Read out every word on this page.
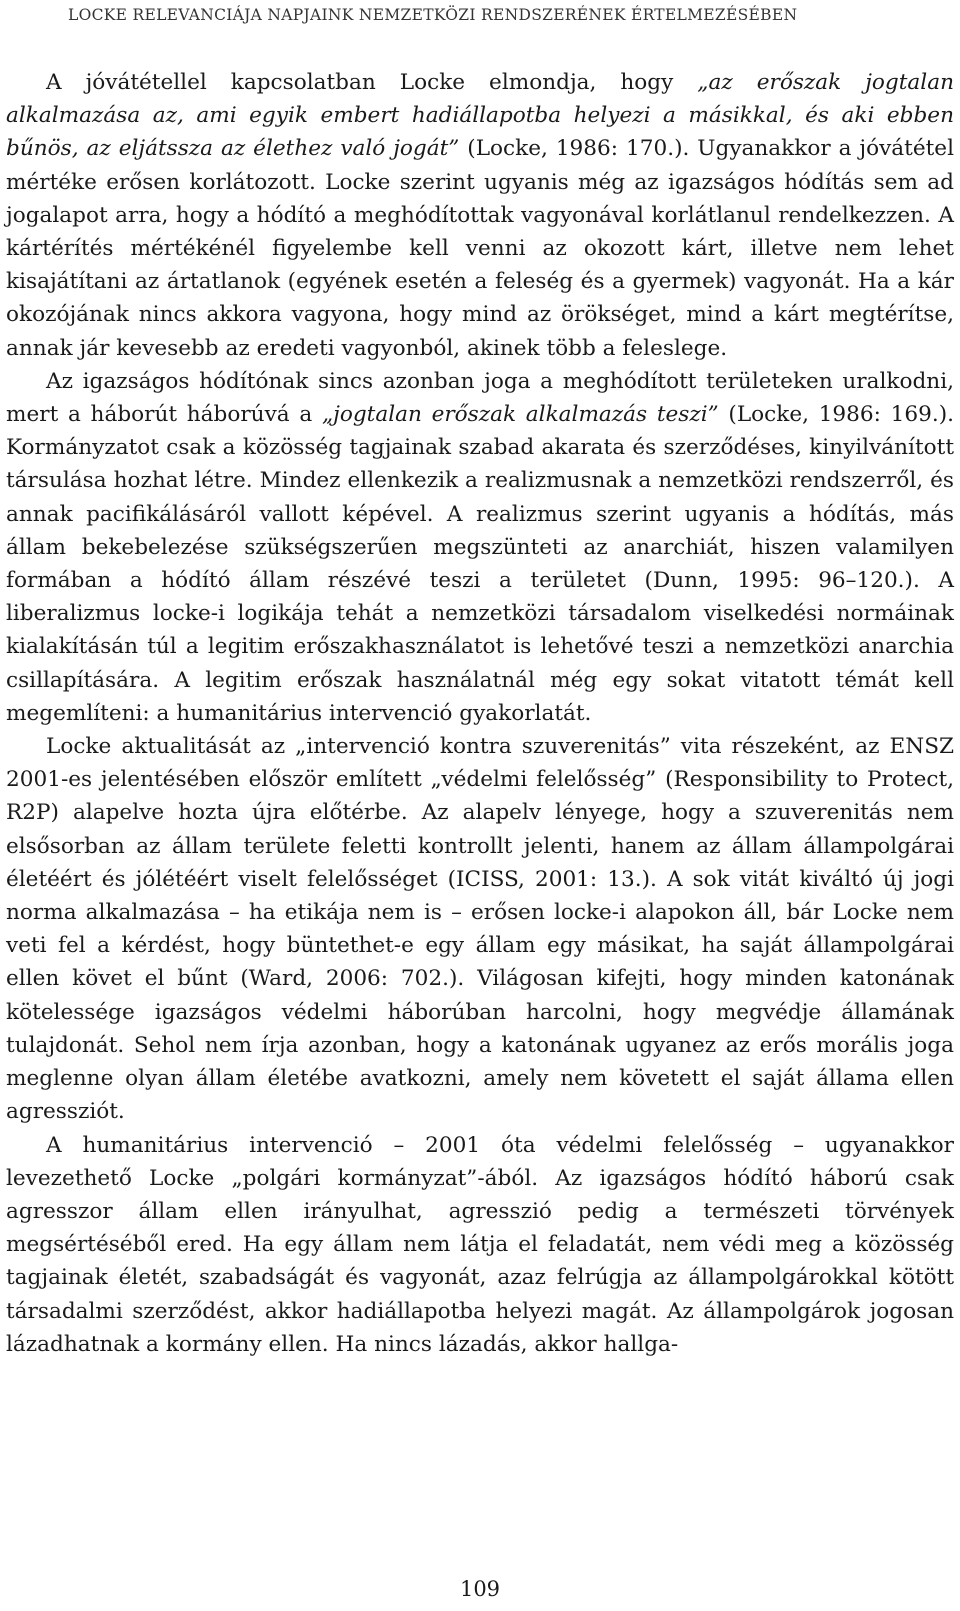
LOCKE RELEVANCIÁJA NAPJAINK NEMZETKÖZI RENDSZERÉNEK ÉRTELMEZÉSÉBEN

A jóvátétellel kapcsolatban Locke elmondja, hogy „az erőszak jogtalan alkalmazása az, ami egyik embert hadiállapotba helyezi a másikkal, és aki ebben bűnös, az eljátssza az élethez való jogát” (Locke, 1986: 170.). Ugyanakkor a jóvátétel mértéke erősen korlátozott. Locke szerint ugyanis még az igazságos hódítás sem ad jogalapot arra, hogy a hódító a meghódítottak vagyonával korlátlanul rendelkezzen. A kártérítés mértékénél figyelembe kell venni az okozott kárt, illetve nem lehet kisajátítani az ártatlanok (egyének esetén a feleség és a gyermek) vagyonát. Ha a kár okozójának nincs akkora vagyona, hogy mind az örökséget, mind a kárt megtérítse, annak jár kevesebb az eredeti vagyonból, akinek több a feleslege.

Az igazságos hódítónak sincs azonban joga a meghódított területeken uralkodni, mert a háborút háborúvá a „jogtalan erőszak alkalmazás teszi” (Locke, 1986: 169.). Kormányzatot csak a közösség tagjainak szabad akarata és szerződéses, kinyilvánított társulása hozhat létre. Mindez ellenkezik a realizmusnak a nemzetközi rendszerről, és annak pacifikálásáról vallott képével. A realizmus szerint ugyanis a hódítás, más állam bekebelezése szükségszerűen megszünteti az anarchiát, hiszen valamilyen formában a hódító állam részévé teszi a területet (Dunn, 1995: 96–120.). A liberalizmus locke-i logikája tehát a nemzetközi társadalom viselkedési normáinak kialakításán túl a legitim erőszakhasználatot is lehetővé teszi a nemzetközi anarchia csillapítására. A legitim erőszak használatnál még egy sokat vitatott témát kell megemlíteni: a humanitárius intervenció gyakorlatát.

Locke aktualitását az „intervenció kontra szuverenitás” vita részeként, az ENSZ 2001-es jelentésében először említett „védelmi felelősség” (Responsibility to Protect, R2P) alapelve hozta újra előtérbe. Az alapelv lényege, hogy a szuverenitás nem elsősorban az állam területe feletti kontrollt jelenti, hanem az állam állampolgárai életéért és jólétéért viselt felelősséget (ICISS, 2001: 13.). A sok vitát kiváltó új jogi norma alkalmazása – ha etikája nem is – erősen locke-i alapokon áll, bár Locke nem veti fel a kérdést, hogy büntethet-e egy állam egy másikat, ha saját állampolgárai ellen követ el bűnt (Ward, 2006: 702.). Világosan kifejti, hogy minden katonának kötelessége igazságos védelmi háborúban harcolni, hogy megvédje államának tulajdonát. Sehol nem írja azonban, hogy a katonának ugyanez az erős morális joga meglenne olyan állam életébe avatkozni, amely nem követett el saját állama ellen agressziót.

A humanitárius intervenció – 2001 óta védelmi felelősség – ugyanakkor levezethető Locke „polgári kormányzat”-ából. Az igazságos hódító háború csak agresszor állam ellen irányulhat, agresszió pedig a természeti törvények megsértéséből ered. Ha egy állam nem látja el feladatát, nem védi meg a közösség tagjainak életét, szabadságát és vagyonát, azaz felrúgja az állampolgárokkal kötött társadalmi szerződést, akkor hadiállapotba helyezi magát. Az állampolgárok jogosan lázadhatnak a kormány ellen. Ha nincs lázadás, akkor hallga-

109
